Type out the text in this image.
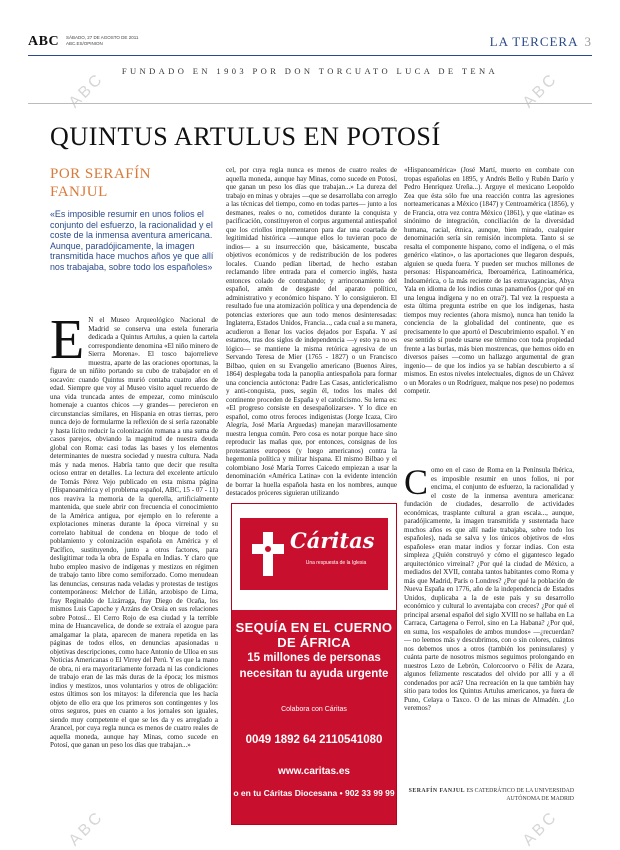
ABC SÁBADO, 27 DE AGOSTO DE 2011
ABC.ES/OPINION	LA TERCERA 3
FUNDADO EN 1903 POR DON TORCUATO LUCA DE TENA
QUINTUS ARTULUS EN POTOSÍ
POR SERAFÍN
FANJUL
«Es imposible resumir en unos folios el conjunto del esfuerzo, la racionalidad y el coste de la inmensa aventura americana. Aunque, paradójicamente, la imagen transmitida hace muchos años ye que allí nos trabajaba, sobre todo los españoles»
E N el Museo Arqueológico Nacional de Madrid se conserva una estela funeraria dedicada a Quintus Artulus, a quien la cartela correspondiente denomina «El niño minero de Sierra Morena». El tosco bajorrelieve muestra, aparte de las oraciones oportunas, la figura de un niñito portando su cubo de trabajador en el socavón: cuando Quintus murió contaba cuatro años de edad. Siempre que voy al Museo visito aquel recuerdo de una vida truncada antes de empezar, como minúsculo homenaje a cuantos chicos —y grandes— perecieron en circunstancias similares, en Hispania en otras tierras, pero nunca dejo de formularme la reflexión de si sería razonable y hasta lícito reducir la colonización romana a una suma de casos parejos, obviando la magnitud de nuestra deuda global con Roma: casi todas las bases y los elementos determinantes de nuestra sociedad y nuestra cultura. Nada más y nada menos. Habría tanto que decir que resulta ocioso entrar en detalles. La lectura del excelente artículo de Tomás Pérez Vejo publicado en esta misma página (Hispanoamérica y el problema español, ABC, 15 - 07 - 11) nos reaviva la memoria de la querella, artificialmente mantenida, que suele abrir con frecuencia el conocimiento de la América antigua, por ejemplo en lo referente a explotaciones mineras durante la época virreinal y su correlato habitual de condena en bloque de todo el poblamiento y colonización española en América y el Pacífico, sustituyendo, junto a otros factores, para desligitimar toda la obra de España en Indias. Y claro que hubo empleo masivo de indígenas y mestizos en régimen de trabajo tanto libre como semiforzado. Como menudean las denuncias, censuras nada veladas y protestas de testigos contemporáneos: Melchor de Liñán, arzobispo de Lima, fray Reginaldo de Lizárraga, fray Diego de Ocaña, los mismos Luis Capoche y Arzáns de Orsúa en sus relaciones sobre Potosí... El Cerro Rojo de esa ciudad y la terrible mina de Huancavelica, de donde se extraía el azogue para amalgamar la plata, aparecen de manera repetida en las páginas de todos ellos, en denuncias apasionadas u objetivas descripciones, como hace Antonio de Ulloa en sus Noticias Americanas o El Virrey del Perú. Y es que la mano de obra, ni era mayoritariamente forzada ni las condiciones de trabajo eran de las más duras de la época; los mismos indios y mestizos, unos voluntarios y otros de obligación: estos últimos son los mitayos: la diferencia que les hacía objeto de ello era que los primeros son contingentes y los otros seguros, pues en cuanto a los jornales son iguales, siendo muy competente el que se les da y es arreglado a Arancel, por cuya regla nunca es menos de cuatro reales de aquella moneda, aunque hay Minas, como sucede en Potosí, que ganan un peso los días que trabajan...»
cel, por cuya regla nunca es menos de cuatro reales de aquella moneda, aunque hay Minas, como sucede en Potosí, que ganan un peso los días que trabajan...» La dureza del trabajo en minas y obrajes —que se desarrollaba con arreglo a las técnicas del tiempo, como en todas partes— junto a los desmanes, reales o no, cometidos durante la conquista y pacificación, constituyeron el corpus argumental antiespañol que los criollos implementaron para dar una coartada de legitimidad histórica —aunque ellos lo tuvieran poco de indios— a su insurrección que, básicamente, buscaba objetivos económicos y de redistribución de los poderes locales. Cuando pedían libertad, de hecho estaban reclamando libre entrada para el comercio inglés, hasta entonces colado de contrabando; y arrinconamiento del español, amén de desgaste del aparato político, administrativo y económico hispano. Y lo consiguieron. El resultado fue una atomización política y una dependencia de potencias exteriores que aun todo menos desinteresadas: Inglaterra, Estados Unidos, Francia..., cada cual a su manera, acudieron a llenar los vacíos dejados por España. Y así estamos, tras dos siglos de independencia —y esto ya no es lógico— se mantiene la misma retórica agresiva de un Servando Teresa de Mier (1765 - 1827) o un Francisco Bilbao, quien en su Evangelio americano (Buenos Aires, 1864) desplegaba toda la panoplia antiespañola para formar una conciencia autóctona: Padre Las Casas, anticlericalismo y anti-conquista, pues, según él, todos los males del continente proceden de España y el catolicismo. Su lema es: «El progreso consiste en desespañolizarse». Y lo dice en español, como otros feroces indigenistas (Jorge Icaza, Ciro Alegría, José María Arguedas) manejan maravillosamente nuestra lengua común. Pero cosa es notar porque hace sino reproducir las mañas que, por entonces, consignas de los protestantes europeos (y luego americanos) contra la hegemonía política y militar hispana. El mismo Bilbao y el colombiano José María Torres Caicedo empiezan a usar la denominación «América Latina» con la evidente intención de borrar la huella española hasta en los nombres, aunque destacados próceres siguieran utilizando
«Hispanoamérica» (José Martí, muerto en combate con tropas españolas en 1895, y Andrés Bello y Rubén Darío y Pedro Henríquez Ureña...). Arguye el mexicano Leopoldo Zea que ésta sólo fue una reacción contra las agresiones norteamericanas a México (1847) y Centroamérica (1856), y de Francia, otra vez contra México (1861), y que «latina» es sinónimo de integración, conciliación de la diversidad humana, racial, étnica, aunque, bien mirado, cualquier denominación sería sin remisión incompleta. Tanto si se resalta el componente hispano, como el indígena, o el más genérico «latino», o las aportaciones que llegaron después, alguien se queda fuera. Y pueden ser muchos millones de personas: Hispanoamérica, Iberoamérica, Latinoamérica, Indoamérica, o la más reciente de las extravagancias, Abya Yala en idioma de los indios cunas panameños (¿por qué en una lengua indígena y no en otra?). Tal vez la respuesta a esta última pregunta estribe en que los indígenas, hasta tiempos muy recientes (ahora mismo), nunca han tenido la conciencia de la globalidad del continente, que es precisamente lo que aportó el Descubrimiento español. Y en ese sentido sí puede usarse ese término con toda propiedad frente a las burlas, más bien mostrencas, que hemos oído en diversos países —como un hallazgo argumental de gran ingenio— de que los indios ya se habían descubierto a sí mismos. En estos niveles intelectuales, dignos de un Chávez o un Morales o un Rodríguez, malque nos pese) no podemos competir.
Como en el caso de Roma en la Península Ibérica, es imposible resumir en unos folios, ni por encima, el conjunto de esfuerzo, la racionalidad y el coste de la inmensa aventura americana: fundación de ciudades, desarrollo de actividades económicas, trasplante cultural a gran escala..., aunque, paradójicamente, la imagen transmitida y sustentada hace muchos años es que allí nadie trabajaba, sobre todo los españoles), nada se salva y los únicos objetivos de «los españoles» eran matar indios y forzar indias. Con esta simpleza ¿Quién construyó y cómo el gigantesco legado arquitectónico virreinal? ¿Por qué la ciudad de México, a mediados del XVII, contaba tantos habitantes como Roma y más que Madrid, París o Londres? ¿Por qué la población de Nueva España en 1776, año de la independencia de Estados Unidos, duplicaba a la de este país y su desarrollo económico y cultural lo aventajaba con creces? ¿Por qué el principal arsenal español del siglo XVIII no se hallaba en La Carraca, Cartagena o Ferrol, sino en La Habana? ¿Por qué, en suma, los «españoles de ambos mundos» —¿recuerdan?— no leemos más y descubrimos, con o sin colores, cuántos nos debemos unos a otros (también los peninsulares) y cuánta parte de nosotros mismos seguimos prolongando en nuestros Lezo de Lebrón, Colorcoorvo o Félix de Azara, algunos felizmente rescatados del olvido por allí y a él condenados por acá? Una recreación en la que también hay sitio para todos los Quintus Artulus americanos, ya fuera de Puno, Celaya o Taxco. O de las minas de Almadén. ¿Lo veremos?
SERAFÍN FANJUL ES CATEDRÁTICO DE LA UNIVERSIDAD AUTÓNOMA DE MADRID
Cáritas
Una respuesta de la Iglesia
SEQUÍA EN EL CUERNO DE ÁFRICA
15 millones de personas necesitan tu ayuda urgente
Colabora con Cáritas
0049 1892 64 2110541080
www.caritas.es
o en tu Cáritas Diocesana • 902 33 99 99
ABC
ABC
ABC
ABC
